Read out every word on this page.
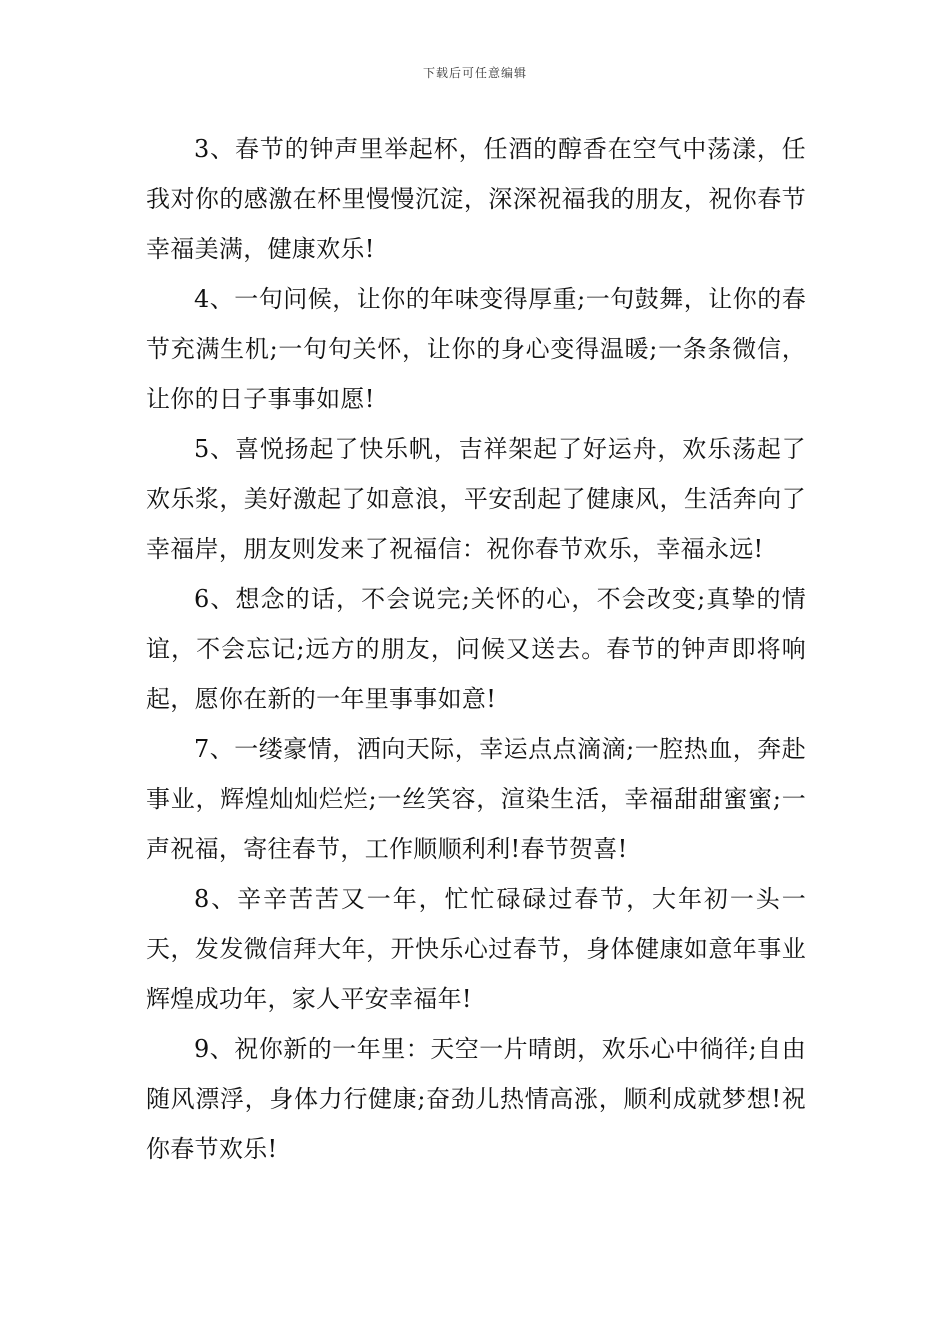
下载后可任意编辑

3、春节的钟声里举起杯，任酒的醇香在空气中荡漾，任我对你的感激在杯里慢慢沉淀，深深祝福我的朋友，祝你春节幸福美满，健康欢乐!

4、一句问候，让你的年味变得厚重;一句鼓舞，让你的春节充满生机;一句句关怀，让你的身心变得温暖;一条条微信，让你的日子事事如愿!

5、喜悦扬起了快乐帆，吉祥架起了好运舟，欢乐荡起了欢乐浆，美好激起了如意浪，平安刮起了健康风，生活奔向了幸福岸，朋友则发来了祝福信：祝你春节欢乐，幸福永远!

6、想念的话，不会说完;关怀的心，不会改变;真挚的情谊，不会忘记;远方的朋友，问候又送去。春节的钟声即将响起，愿你在新的一年里事事如意!

7、一缕豪情，洒向天际，幸运点点滴滴;一腔热血，奔赴事业，辉煌灿灿烂烂;一丝笑容，渲染生活，幸福甜甜蜜蜜;一声祝福，寄往春节，工作顺顺利利!春节贺喜!

8、辛辛苦苦又一年，忙忙碌碌过春节，大年初一头一天，发发微信拜大年，开快乐心过春节，身体健康如意年事业辉煌成功年，家人平安幸福年!

9、祝你新的一年里：天空一片晴朗，欢乐心中徜徉;自由随风漂浮，身体力行健康;奋劲儿热情高涨，顺利成就梦想!祝你春节欢乐!
